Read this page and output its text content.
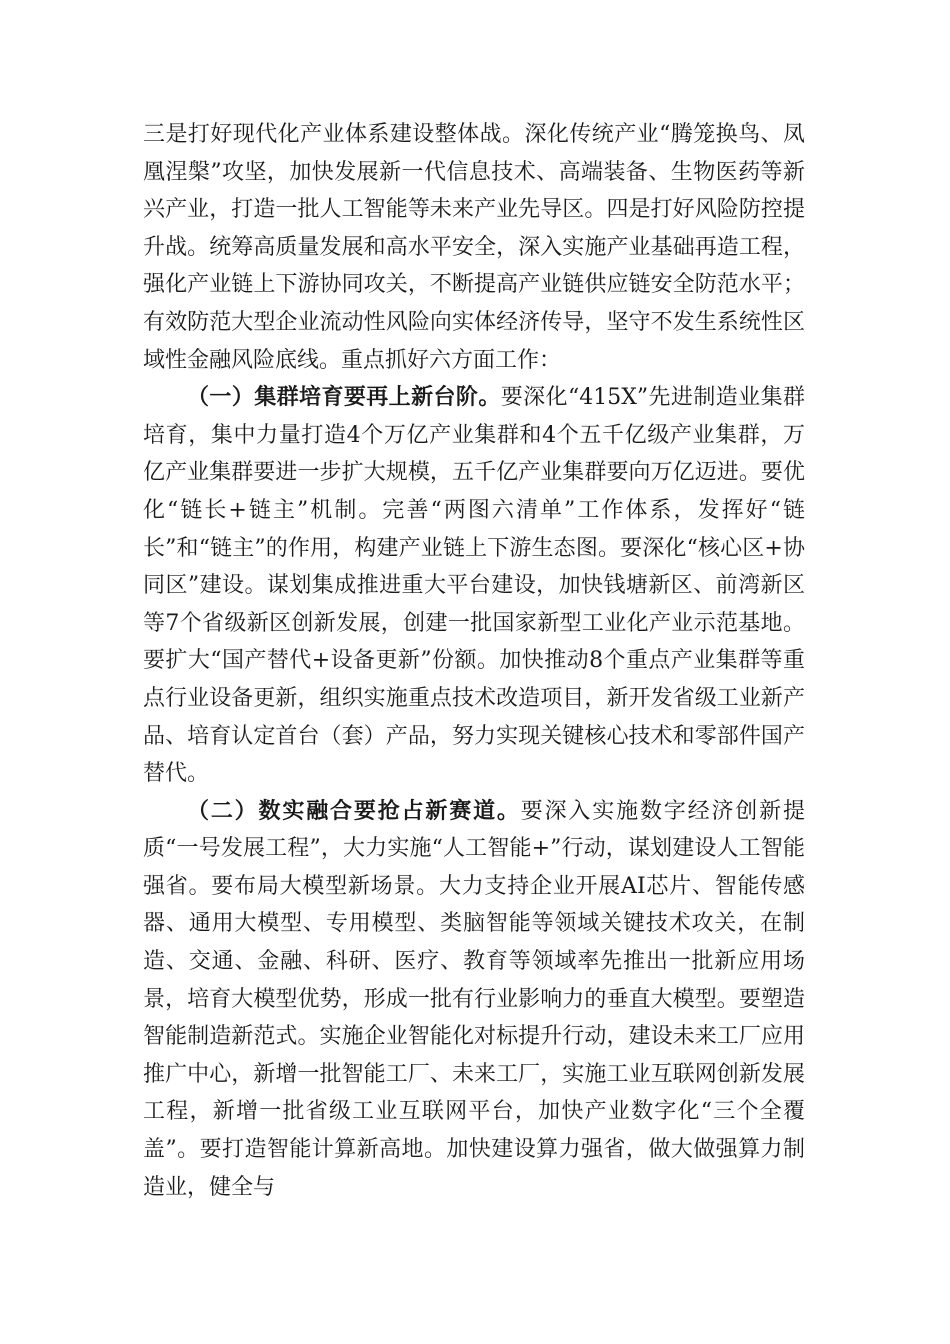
三是打好现代化产业体系建设整体战。深化传统产业“腾笼换鸟、凤凰涅槃”攻坚，加快发展新一代信息技术、高端装备、生物医药等新兴产业，打造一批人工智能等未来产业先导区。四是打好风险防控提升战。统筹高质量发展和高水平安全，深入实施产业基础再造工程，强化产业链上下游协同攻关，不断提高产业链供应链安全防范水平；有效防范大型企业流动性风险向实体经济传导，坚守不发生系统性区域性金融风险底线。重点抓好六方面工作：

（一）集群培育要再上新台阶。要深化“415X”先进制造业集群培育，集中力量打造4个万亿产业集群和4个五千亿级产业集群，万亿产业集群要进一步扩大规模，五千亿产业集群要向万亿迈进。要优化“链长+链主”机制。完善“两图六清单”工作体系，发挥好“链长”和“链主”的作用，构建产业链上下游生态图。要深化“核心区+协同区”建设。谋划集成推进重大平台建设，加快钱塘新区、前湾新区等7个省级新区创新发展，创建一批国家新型工业化产业示范基地。要扩大“国产替代+设备更新”份额。加快推动8个重点产业集群等重点行业设备更新，组织实施重点技术改造项目，新开发省级工业新产品、培育认定首台（套）产品，努力实现关键核心技术和零部件国产替代。

（二）数实融合要抢占新赛道。要深入实施数字经济创新提质“一号发展工程”，大力实施“人工智能+”行动，谋划建设人工智能强省。要布局大模型新场景。大力支持企业开展AI芯片、智能传感器、通用大模型、专用模型、类脑智能等领域关键技术攻关，在制造、交通、金融、科研、医疗、教育等领域率先推出一批新应用场景，培育大模型优势，形成一批有行业影响力的垂直大模型。要塑造智能制造新范式。实施企业智能化对标提升行动，建设未来工厂应用推广中心，新增一批智能工厂、未来工厂，实施工业互联网创新发展工程，新增一批省级工业互联网平台，加快产业数字化“三个全覆盖”。要打造智能计算新高地。加快建设算力强省，做大做强算力制造业，健全与
